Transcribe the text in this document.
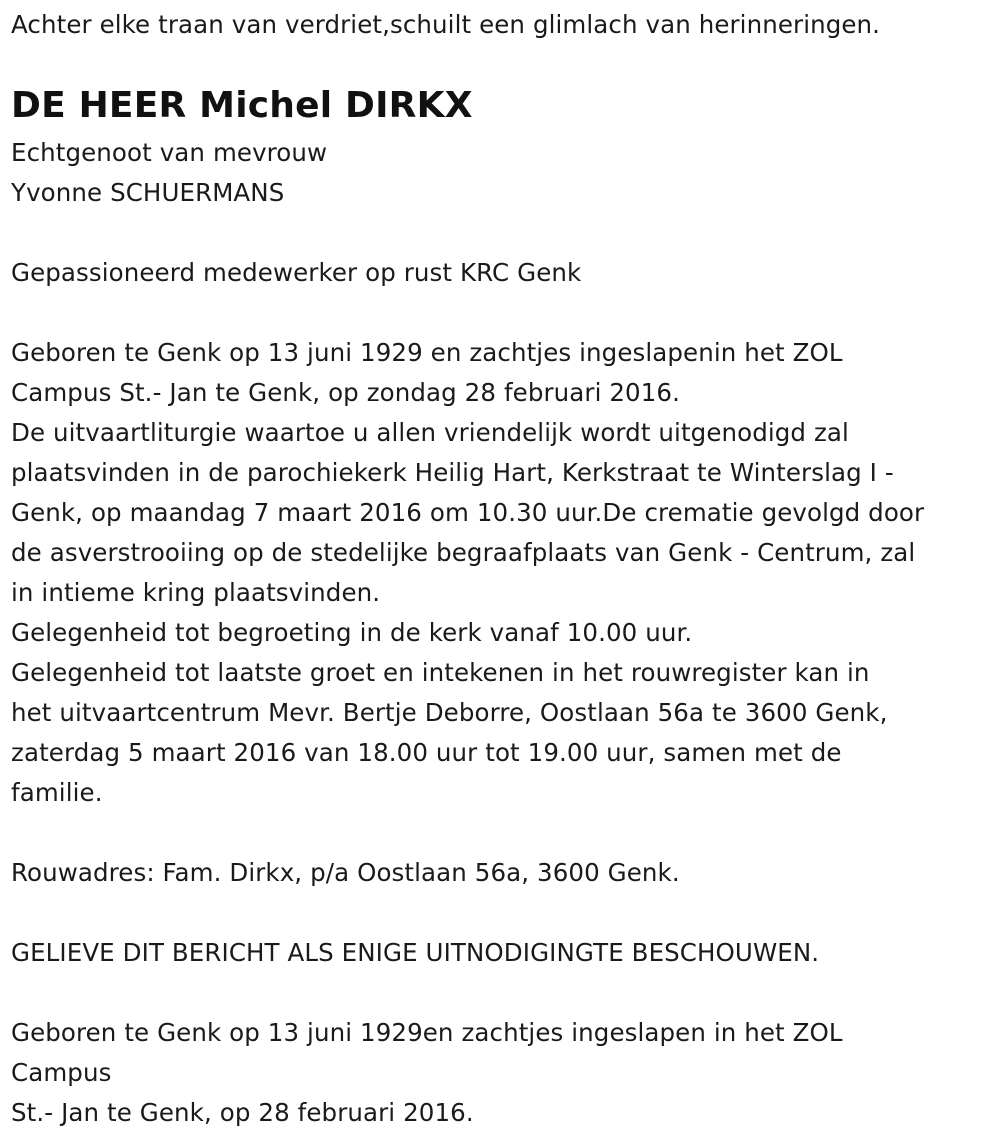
Achter elke traan van verdriet,schuilt een glimlach van herinneringen.
DE HEER Michel DIRKX
Echtgenoot van mevrouw
Yvonne SCHUERMANS
Gepassioneerd medewerker op rust KRC Genk
Geboren te Genk op 13 juni 1929 en zachtjes ingeslapenin het ZOL
Campus St.- Jan te Genk, op zondag 28 februari 2016.
De uitvaartliturgie waartoe u allen vriendelijk wordt uitgenodigd zal
plaatsvinden in de parochiekerk Heilig Hart, Kerkstraat te Winterslag I -
Genk, op maandag 7 maart 2016 om 10.30 uur.De crematie gevolgd door
de asverstrooiing op de stedelijke begraafplaats van Genk - Centrum, zal
in intieme kring plaatsvinden.
Gelegenheid tot begroeting in de kerk vanaf 10.00 uur.
Gelegenheid tot laatste groet en intekenen in het rouwregister kan in
het uitvaartcentrum Mevr. Bertje Deborre, Oostlaan 56a te 3600 Genk,
zaterdag 5 maart 2016 van 18.00 uur tot 19.00 uur, samen met de
familie.
Rouwadres: Fam. Dirkx, p/a Oostlaan 56a, 3600 Genk.
GELIEVE DIT BERICHT ALS ENIGE UITNODIGINGTE BESCHOUWEN.
Geboren te Genk op 13 juni 1929en zachtjes ingeslapen in het ZOL
Campus
St.- Jan te Genk, op 28 februari 2016.
